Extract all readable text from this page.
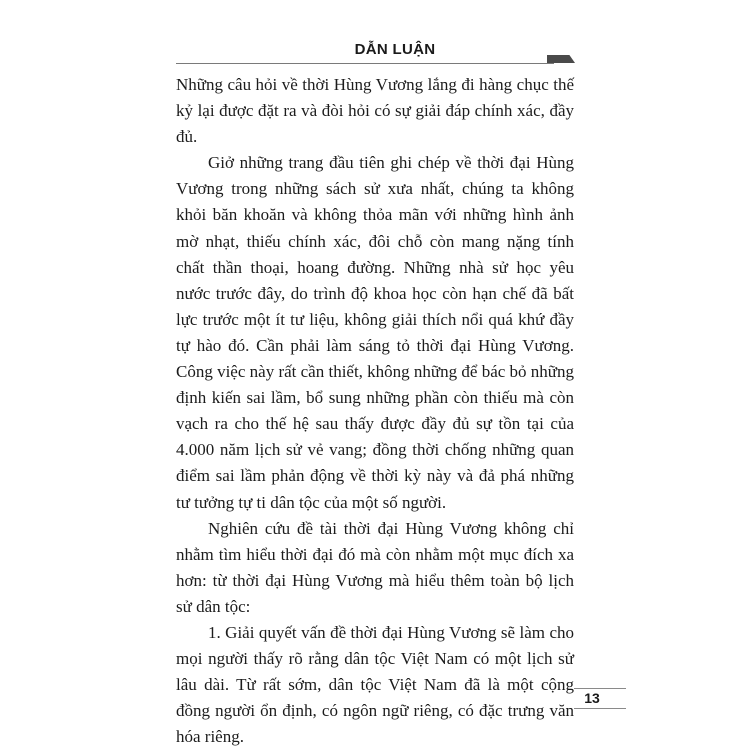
DẪN LUẬN

Những câu hỏi về thời Hùng Vương lắng đi hàng chục thế kỷ lại được đặt ra và đòi hỏi có sự giải đáp chính xác, đầy đủ.

Giở những trang đầu tiên ghi chép về thời đại Hùng Vương trong những sách sử xưa nhất, chúng ta không khỏi băn khoăn và không thỏa mãn với những hình ảnh mờ nhạt, thiếu chính xác, đôi chỗ còn mang nặng tính chất thần thoại, hoang đường. Những nhà sử học yêu nước trước đây, do trình độ khoa học còn hạn chế đã bất lực trước một ít tư liệu, không giải thích nổi quá khứ đầy tự hào đó. Cần phải làm sáng tỏ thời đại Hùng Vương. Công việc này rất cần thiết, không những để bác bỏ những định kiến sai lầm, bổ sung những phần còn thiếu mà còn vạch ra cho thế hệ sau thấy được đầy đủ sự tồn tại của 4.000 năm lịch sử vẻ vang; đồng thời chống những quan điểm sai lầm phản động về thời kỳ này và đả phá những tư tưởng tự ti dân tộc của một số người.

Nghiên cứu đề tài thời đại Hùng Vương không chỉ nhằm tìm hiểu thời đại đó mà còn nhằm một mục đích xa hơn: từ thời đại Hùng Vương mà hiểu thêm toàn bộ lịch sử dân tộc:

1. Giải quyết vấn đề thời đại Hùng Vương sẽ làm cho mọi người thấy rõ rằng dân tộc Việt Nam có một lịch sử lâu dài. Từ rất sớm, dân tộc Việt Nam đã là một cộng đồng người ổn định, có ngôn ngữ riêng, có đặc trưng văn hóa riêng.

13
